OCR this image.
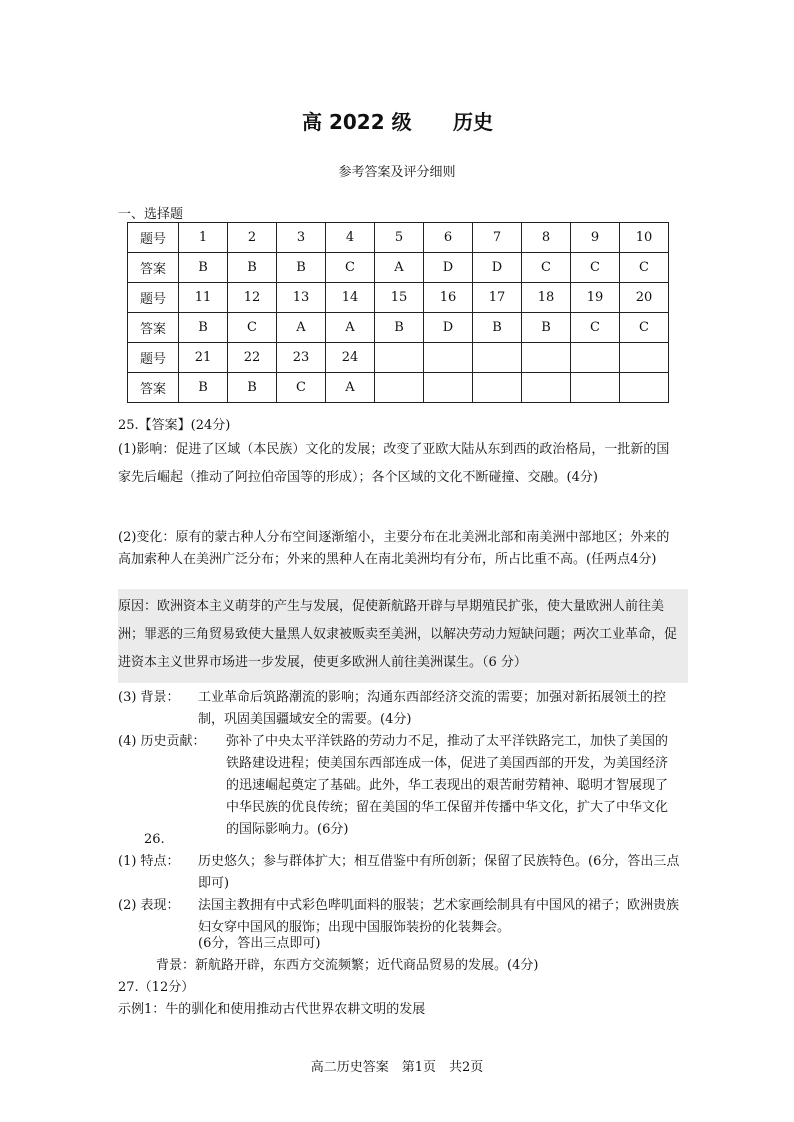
高 2022 级 历史
参考答案及评分细则
一、选择题
题号	1	2	3	4	5	6	7	8	9	10
答案	B	B	B	C	A	D	D	C	C	C
题号	11	12	13	14	15	16	17	18	19	20
答案	B	C	A	A	B	D	B	B	C	C
题号	21	22	23	24						
答案	B	B	C	A						
25.【答案】(24分)
(1)影响：促进了区域（本民族）文化的发展；改变了亚欧大陆从东到西的政治格局，一批新的国家先后崛起（推动了阿拉伯帝国等的形成）；各个区域的文化不断碰撞、交融。(4分)
(2)变化：原有的蒙古种人分布空间逐渐缩小，主要分布在北美洲北部和南美洲中部地区；外来的高加索种人在美洲广泛分布；外来的黑种人在南北美洲均有分布，所占比重不高。(任两点4分)
原因：欧洲资本主义萌芽的产生与发展，促使新航路开辟与早期殖民扩张，使大量欧洲人前往美洲；罪恶的三角贸易致使大量黑人奴隶被贩卖至美洲，以解决劳动力短缺问题；两次工业革命，促进资本主义世界市场进一步发展，使更多欧洲人前往美洲谋生。（6 分）
(3) 背景： 工业革命后筑路潮流的影响；沟通东西部经济交流的需要；加强对新拓展领土的控制，巩固美国疆域安全的需要。(4分)
(4) 历史贡献： 弥补了中央太平洋铁路的劳动力不足，推动了太平洋铁路完工，加快了美国的铁路建设进程；使美国东西部连成一体，促进了美国西部的开发，为美国经济的迅速崛起奠定了基础。此外，华工表现出的艰苦耐劳精神、聪明才智展现了中华民族的优良传统；留在美国的华工保留并传播中华文化，扩大了中华文化的国际影响力。(6分)
26.
(1) 特点： 历史悠久；参与群体扩大；相互借鉴中有所创新；保留了民族特色。(6分，答出三点即可)
(2) 表现： 法国主教拥有中式彩色哔叽面料的服装；艺术家画绘制具有中国风的裙子；欧洲贵族妇女穿中国风的服饰；出现中国服饰装扮的化装舞会。
(6分，答出三点即可)
背景：新航路开辟，东西方交流频繁；近代商品贸易的发展。(4分)
27.（12分）
示例1：牛的驯化和使用推动古代世界农耕文明的发展
高二历史答案　第1页　共2页
